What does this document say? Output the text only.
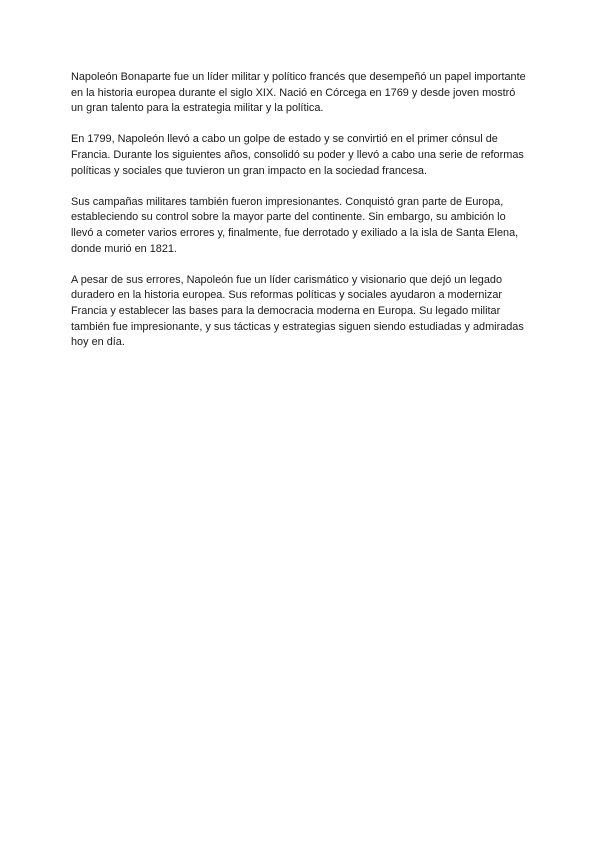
Napoleón Bonaparte fue un líder militar y político francés que desempeñó un papel importante en la historia europea durante el siglo XIX. Nació en Córcega en 1769 y desde joven mostró un gran talento para la estrategia militar y la política.

En 1799, Napoleón llevó a cabo un golpe de estado y se convirtió en el primer cónsul de Francia. Durante los siguientes años, consolidó su poder y llevó a cabo una serie de reformas políticas y sociales que tuvieron un gran impacto en la sociedad francesa.

Sus campañas militares también fueron impresionantes. Conquistó gran parte de Europa, estableciendo su control sobre la mayor parte del continente. Sin embargo, su ambición lo llevó a cometer varios errores y, finalmente, fue derrotado y exiliado a la isla de Santa Elena, donde murió en 1821.

A pesar de sus errores, Napoleón fue un líder carismático y visionario que dejó un legado duradero en la historia europea. Sus reformas políticas y sociales ayudaron a modernizar Francia y establecer las bases para la democracia moderna en Europa. Su legado militar también fue impresionante, y sus tácticas y estrategias siguen siendo estudiadas y admiradas hoy en día.
